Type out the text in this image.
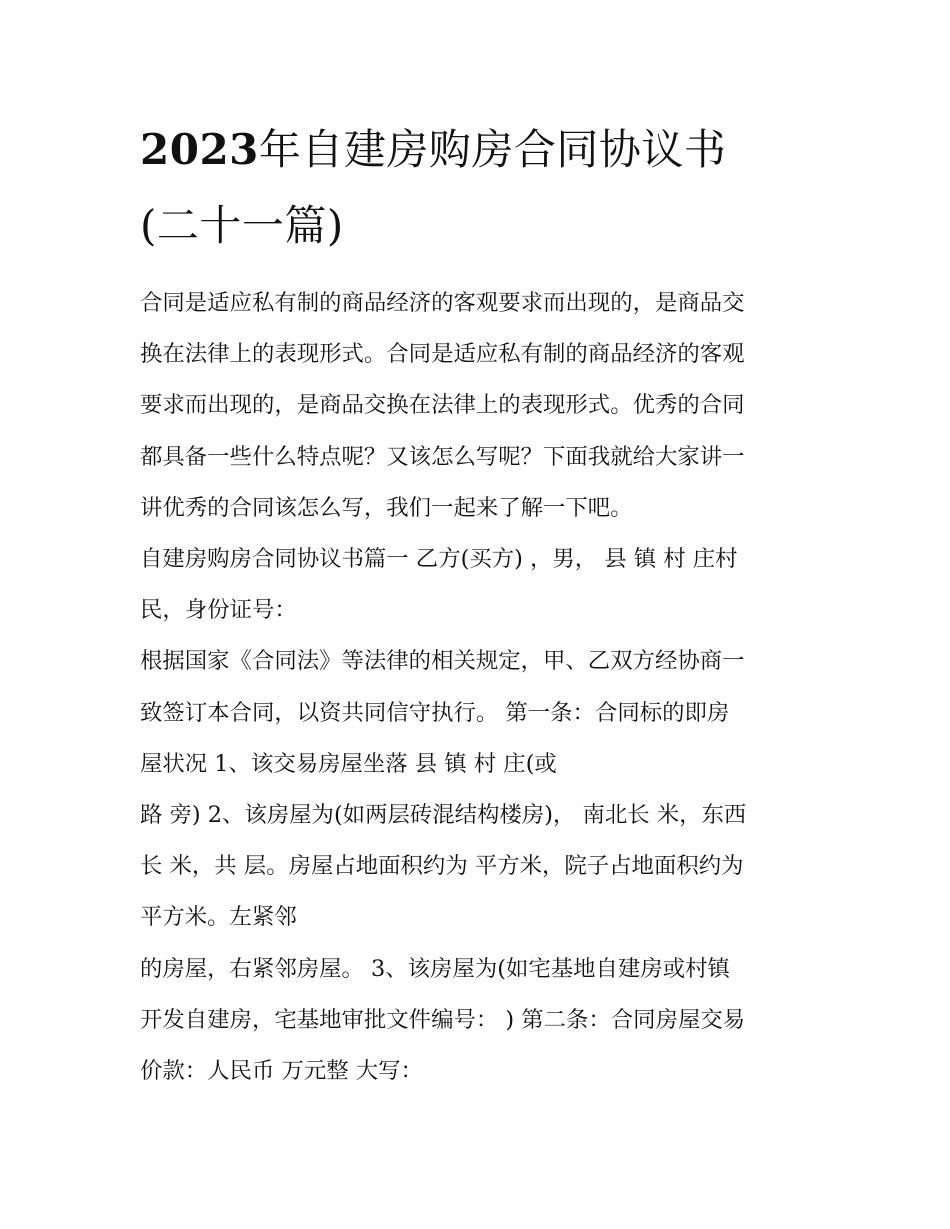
2023年自建房购房合同协议书
(二十一篇)

合同是适应私有制的商品经济的客观要求而出现的，是商品交
换在法律上的表现形式。合同是适应私有制的商品经济的客观
要求而出现的，是商品交换在法律上的表现形式。优秀的合同
都具备一些什么特点呢？又该怎么写呢？下面我就给大家讲一
讲优秀的合同该怎么写，我们一起来了解一下吧。

自建房购房合同协议书篇一 乙方(买方) ，男， 县 镇 村 庄村
民，身份证号：

根据国家《合同法》等法律的相关规定，甲、乙双方经协商一
致签订本合同，以资共同信守执行。 第一条：合同标的即房
屋状况 1、该交易房屋坐落 县 镇 村 庄(或

路 旁) 2、该房屋为(如两层砖混结构楼房)， 南北长 米，东西
长 米，共 层。房屋占地面积约为 平方米，院子占地面积约为
平方米。左紧邻

的房屋，右紧邻房屋。 3、该房屋为(如宅基地自建房或村镇
开发自建房，宅基地审批文件编号： ) 第二条：合同房屋交易
价款：人民币 万元整 大写：
